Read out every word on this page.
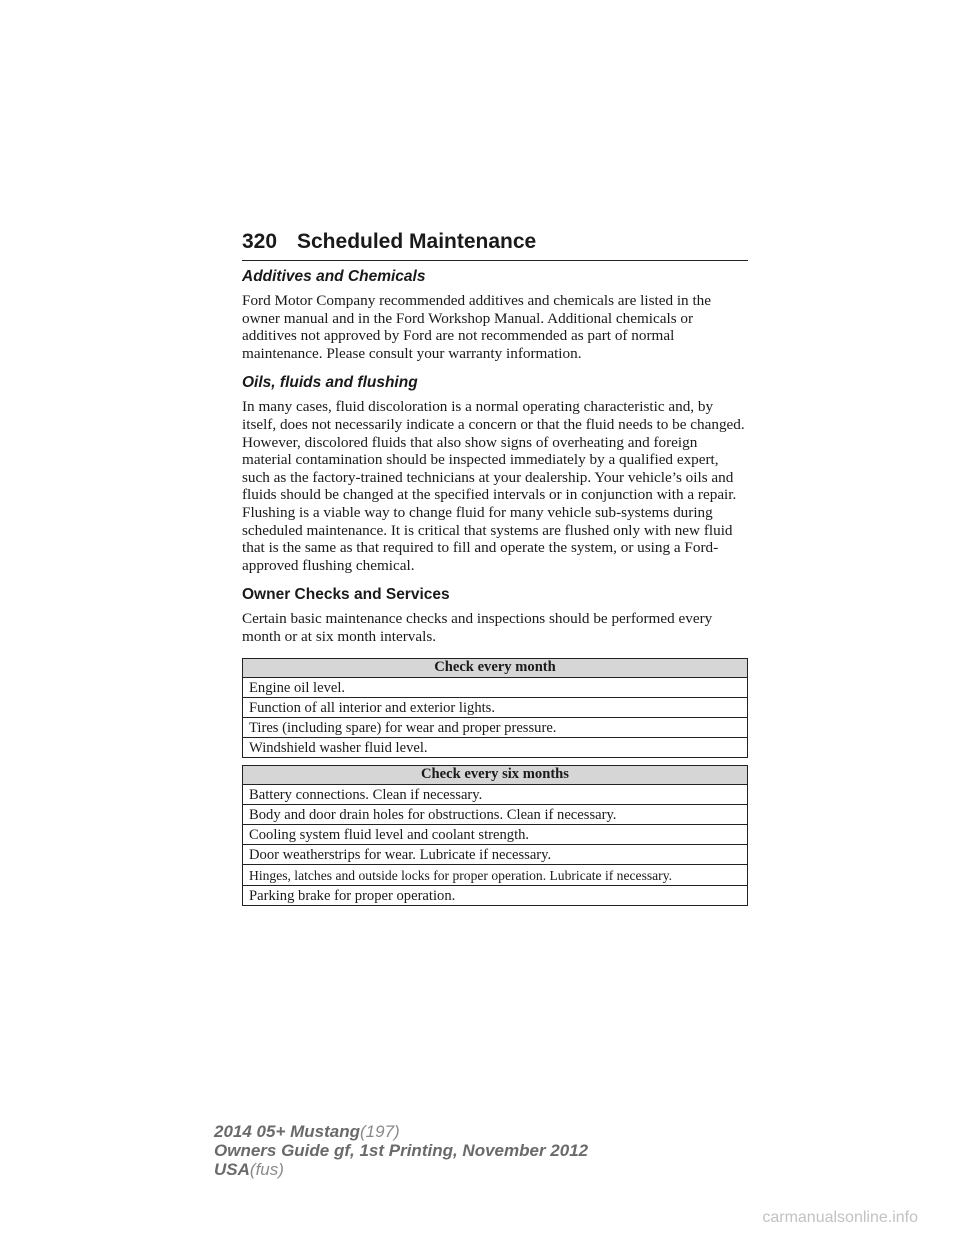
320 Scheduled Maintenance
Additives and Chemicals

Ford Motor Company recommended additives and chemicals are listed in the owner manual and in the Ford Workshop Manual. Additional chemicals or additives not approved by Ford are not recommended as part of normal maintenance. Please consult your warranty information.

Oils, fluids and flushing

In many cases, fluid discoloration is a normal operating characteristic and, by itself, does not necessarily indicate a concern or that the fluid needs to be changed. However, discolored fluids that also show signs of overheating and foreign material contamination should be inspected immediately by a qualified expert, such as the factory-trained technicians at your dealership. Your vehicle’s oils and fluids should be changed at the specified intervals or in conjunction with a repair. Flushing is a viable way to change fluid for many vehicle sub-systems during scheduled maintenance. It is critical that systems are flushed only with new fluid that is the same as that required to fill and operate the system, or using a Ford-approved flushing chemical.

Owner Checks and Services

Certain basic maintenance checks and inspections should be performed every month or at six month intervals.

Check every month
Engine oil level.
Function of all interior and exterior lights.
Tires (including spare) for wear and proper pressure.
Windshield washer fluid level.
Check every six months
Battery connections. Clean if necessary.
Body and door drain holes for obstructions. Clean if necessary.
Cooling system fluid level and coolant strength.
Door weatherstrips for wear. Lubricate if necessary.
Hinges, latches and outside locks for proper operation. Lubricate if necessary.
Parking brake for proper operation.
2014 05+ Mustang(197)
Owners Guide gf, 1st Printing, November 2012
USA(fus)
carmanualsonline.info
